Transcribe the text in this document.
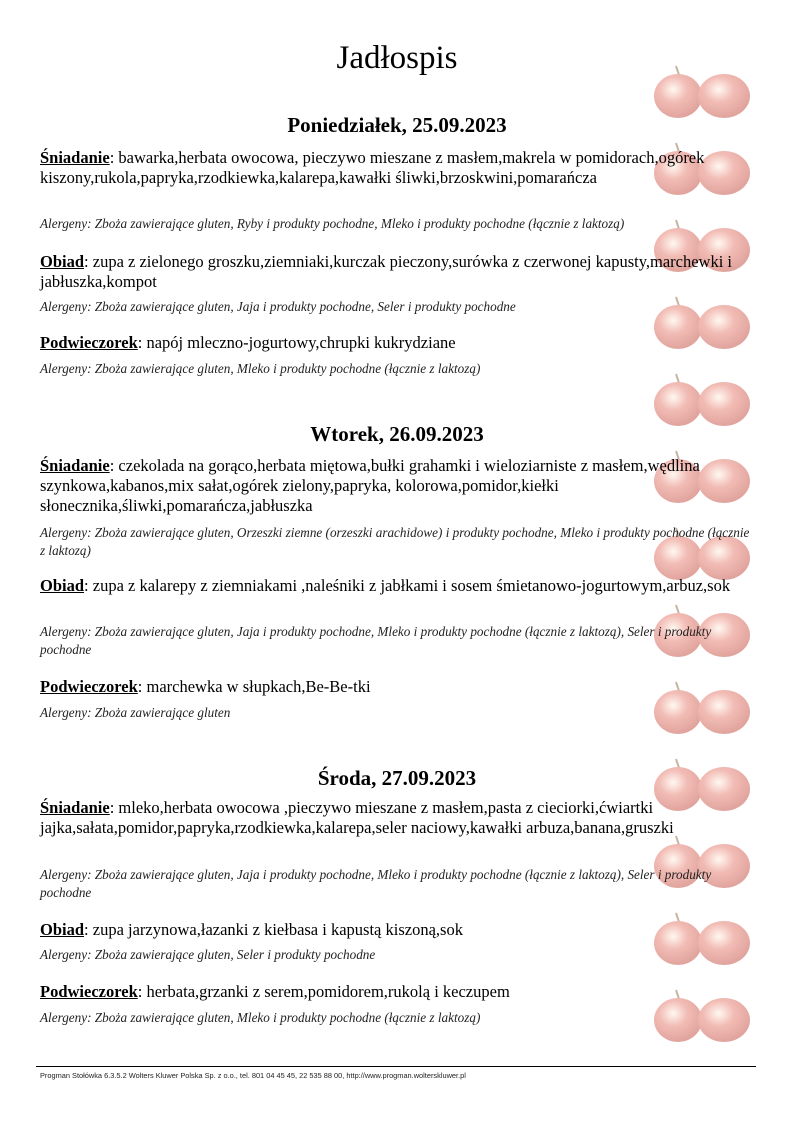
Jadłospis

Poniedziałek, 25.09.2023

Śniadanie: bawarka,herbata owocowa, pieczywo mieszane z masłem,makrela w pomidorach,ogórek kiszony,rukola,papryka,rzodkiewka,kalarepa,kawałki śliwki,brzoskwini,pomarańcza

Alergeny: Zboża zawierające gluten, Ryby i produkty pochodne, Mleko i produkty pochodne (łącznie z laktozą)

Obiad: zupa z zielonego groszku,ziemniaki,kurczak pieczony,surówka z czerwonej kapusty,marchewki i jabłuszka,kompot

Alergeny: Zboża zawierające gluten, Jaja i produkty pochodne, Seler i produkty pochodne

Podwieczorek: napój mleczno-jogurtowy,chrupki kukrydziane

Alergeny: Zboża zawierające gluten, Mleko i produkty pochodne (łącznie z laktozą)

Wtorek, 26.09.2023

Śniadanie: czekolada na gorąco,herbata miętowa,bułki grahamki i wieloziarniste z masłem,wędlina szynkowa,kabanos,mix sałat,ogórek zielony,papryka, kolorowa,pomidor,kiełki słonecznika,śliwki,pomarańcza,jabłuszka

Alergeny: Zboża zawierające gluten, Orzeszki ziemne (orzeszki arachidowe) i produkty pochodne, Mleko i produkty pochodne (łącznie z laktozą)

Obiad: zupa z kalarepy z ziemniakami ,naleśniki z jabłkami i sosem śmietanowo-jogurtowym,arbuz,sok

Alergeny: Zboża zawierające gluten, Jaja i produkty pochodne, Mleko i produkty pochodne (łącznie z laktozą), Seler i produkty pochodne

Podwieczorek: marchewka w słupkach,Be-Be-tki

Alergeny: Zboża zawierające gluten

Środa, 27.09.2023

Śniadanie: mleko,herbata owocowa ,pieczywo mieszane z masłem,pasta z cieciorki,ćwiartki jajka,sałata,pomidor,papryka,rzodkiewka,kalarepa,seler naciowy,kawałki arbuza,banana,gruszki

Alergeny: Zboża zawierające gluten, Jaja i produkty pochodne, Mleko i produkty pochodne (łącznie z laktozą), Seler i produkty pochodne

Obiad: zupa jarzynowa,łazanki z kiełbasa i kapustą kiszoną,sok

Alergeny: Zboża zawierające gluten, Seler i produkty pochodne

Podwieczorek: herbata,grzanki z serem,pomidorem,rukolą i keczupem

Alergeny: Zboża zawierające gluten, Mleko i produkty pochodne (łącznie z laktozą)

Progman Stołówka 6.3.5.2 Wolters Kluwer Polska Sp. z o.o., tel. 801 04 45 45, 22 535 88 00, http://www.progman.wolterskluwer.pl
